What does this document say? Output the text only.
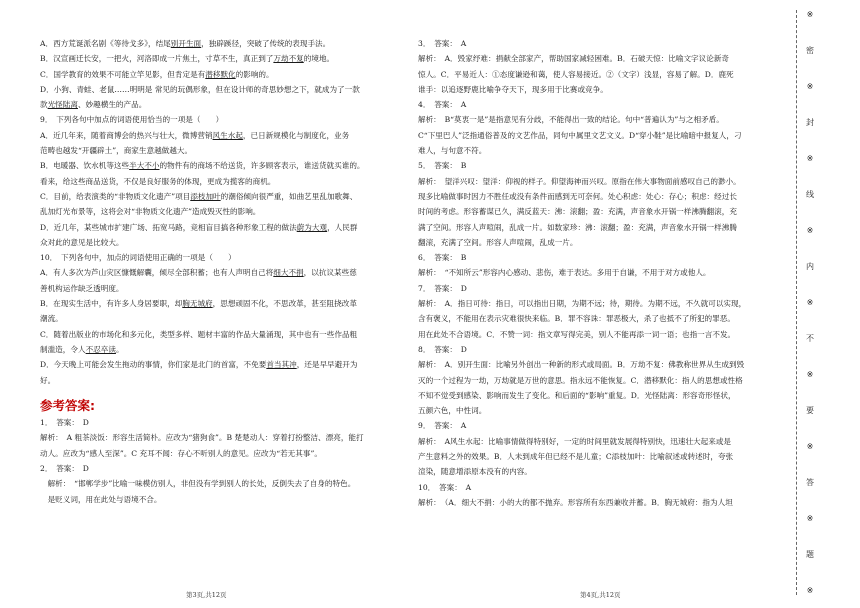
A．西方荒诞派名剧《等待戈多》，结尾别开生面，独辟蹊径，突破了传统的表现手法。

B．汉宣画迁长安，一把火，河洛即成一片焦土，寸草不生，真正到了万劫不复的境地。

C．国学教育的效果不可能立竿见影，但肯定是有潜移默化的影响的。

D．小狗、青蛙、老鼠……明明是 常见的玩偶形象，但在设计师的奇思妙想之下，就成为了一款

款光怪陆离、妙趣横生的产品。

9．　下列各句中加点的词语使用恰当的一项是（　　）

A．近几年来，随着商博会的热兴与壮大，微博营销风生水起，已日新规模化与制度化，业务

范畴也越发“开疆辟土”，商家生意越做越大。

B．电暖器、饮水机等这些半大不小的物件有的商场不给送货，许多顾客表示，谁送货就买谁的。

看来，给这些商品送货，不仅是良好服务的体现，更成为揽客的商机。

C．目前，给表演类的“非物质文化遗产”项目添枝加叶的潮俗倾向很严重，如曲艺里乱加歌舞、

乱加灯光布景等，这将会对“非物质文化遗产”造成毁灭性的影响。

D．近几年，某些城市扩建广场、拓宽马路，竞相盲目搞各种形象工程的做法蔚为大观，人民群

众对此的意见是比较大。

10．　下列各句中，加点的词语使用正确的一项是（　　）

A．有人多次为芦山灾区慷慨解囊，倾尽全部积蓄；也有人声明自己将细大不捐，以抗议某些慈

善机构运作缺乏透明度。

B．在现实生活中，有许多人身居要职，却胸无城府，思想顽固不化，不思改革，甚至阻挠改革

潮流。

C．随着出版业的市场化和多元化，类型多样、题材丰富的作品大量涌现，其中也有一些作品粗

制滥造，令人不忍卒读。

D．今天晚上可能会发生拖动的事情，你们家是北门的首富，不免要首当其冲，还是早早避开为

好。

参考答案:

1．　答案：　D

解析：　A 粗茶淡饭：形容生活简朴。应改为“猪狗食”。B 楚楚动人：穿着打扮整洁、漂亮，能打

动人。应改为“感人至深”。C 充耳不闻：存心不听别人的意见。应改为“若无其事”。

2．　答案：　D

　解析：　“邯郸学步”比喻一味模仿别人，非但没有学到别人的长处，反倒失去了自身的特色。

　是贬义词，用在此处与语境不合。

3．　答案：　A

解析：　A．毁家纾难：捐献全部家产，帮助国家减轻困难。B．石破天惊：比喻文字议论新奇

惊人。C．平易近人：①态度谦逊和蔼，使人容易接近。②（文字）浅显，容易了解。D．鹿死

谁手：以追逐野鹿比喻争夺天下，现多用于比赛或竞争。

4．　答案：　A

解析：　B“莫衷一是”是指意见有分歧，不能得出一致的结论。句中“普遍认为”与之相矛盾。

C“下里巴人”泛指通俗普及的文艺作品，同句中属里文艺文义。D“穿小鞋”是比喻暗中报复人，刁

难人，与句意不符。

5．　答案：　B

解析：　望洋兴叹：望洋：仰视的样子。仰望海神而兴叹。原指在伟大事物面前感叹自己的渺小。

现多比喻做事时因力不胜任或没有条件而感到无可奈何。处心积虑：处心：存心；积虑：经过长

时间的考虑。形容蓄谋已久，满反蓝天：沸：滚翻；盈：充满，声音象水开锅一样沸腾翻滚，充

满了空间。形容人声喧闹，乱成一片。如数家珍：沸：滚翻；盈：充满，声音象水开锅一样沸腾

翻滚，充满了空间。形容人声喧闹，乱成一片。

6．　答案：　B

解析：　“不知所云”形容内心感动、悲伤，难于表达。多用于自谦，不用于对方或他人。

7．　答案：　D

解析：　A．指日可待：指日，可以指出日期，为期不远；待，期待。为期不远，不久就可以实现，

含有褒义，不能用在表示灾难很快来临。B．罪不容诛：罪恶极大，杀了也抵不了所犯的罪恶。

用在此处不合语境。C．不赞一词：指文章写得完美，别人不能再添一词一语；也指一言不发。

8．　答案：　D

解析：　A．别开生面：比喻另外创出一种新的形式或局面。B．万劫不复：佛教称世界从生成到毁

灭的一个过程为一劫，万劫就是万世的意思。指永远不能恢复。C．潜移默化：指人的思想或性格

不知不觉受到感染、影响而发生了变化。和后面的“影响”重复。D．光怪陆离：形容奇形怪状，

五颜六色，中性词。

9．　答案：　A

解析：　A风生水起：比喻事情做得特别好，一定的时间里就发展得特别快，迅速壮大起来或是

产生意料之外的效果。B．人未到成年但已经不是儿童；C添枝加叶：比喻叙述或转述时，夸张

渲染，随意增添原本没有的内容。

10．　答案：　A

解析：　（A．细大不捐：小的大的都不抛弃。形容所有东西兼收并蓄。B．胸无城府：指为人坦

第3页,共12页	第4页,共12页
※
密
※
封
※
线
※
内
※
不
※
要
※
答
※
题
※
